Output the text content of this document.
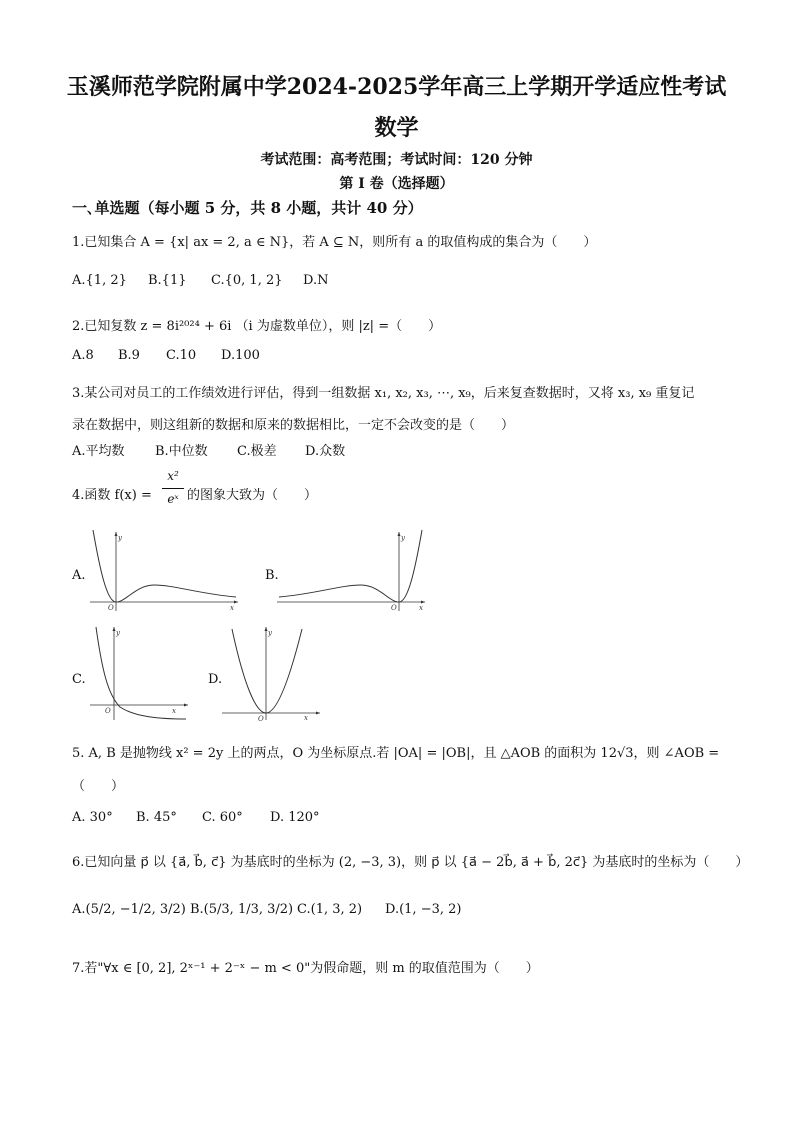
玉溪师范学院附属中学2024-2025学年高三上学期开学适应性考试
数学
考试范围：高考范围；考试时间：120 分钟
第 I 卷（选择题）
一､单选题（每小题 5 分，共 8 小题，共计 40 分）
1.已知集合 A = {x| ax = 2, a ∈ N}，若 A ⊆ N，则所有 a 的取值构成的集合为（　　）
A.{1, 2} B.{1} C.{0, 1, 2} D.N
2.已知复数 z = 8i²⁰²⁴ + 6i （i 为虚数单位），则 |z| =（　　）
A.8 B.9 C.10 D.100
3.某公司对员工的工作绩效进行评估，得到一组数据 x₁, x₂, x₃, ⋯, x₉，后来复查数据时，又将 x₃, x₉ 重复记
录在数据中，则这组新的数据和原来的数据相比，一定不会改变的是（　　）
A.平均数 B.中位数 C.极差 D.众数
4.函数 f(x) =
x²
eˣ 的图象大致为（　　）
A.	B.
C.	D.
x
y
O	x
y
O
x
y
O
x
y
O
5. A, B 是抛物线 x² = 2y 上的两点，O 为坐标原点.若 |OA| = |OB|，且 △AOB 的面积为 12√3，则 ∠AOB =
（　　）
A. 30° B. 45° C. 60° D. 120°
6.已知向量 p⃗ 以 {a⃗, b⃗, c⃗} 为基底时的坐标为 (2, −3, 3)，则 p⃗ 以 {a⃗ − 2b⃗, a⃗ + b⃗, 2c⃗} 为基底时的坐标为（　　）
A.(5/2, −1/2, 3/2) B.(5/3, 1/3, 3/2) C.(1, 3, 2) D.(1, −3, 2)
7.若"∀x ∈ [0, 2], 2ˣ⁻¹ + 2⁻ˣ − m < 0"为假命题，则 m 的取值范围为（　　）
